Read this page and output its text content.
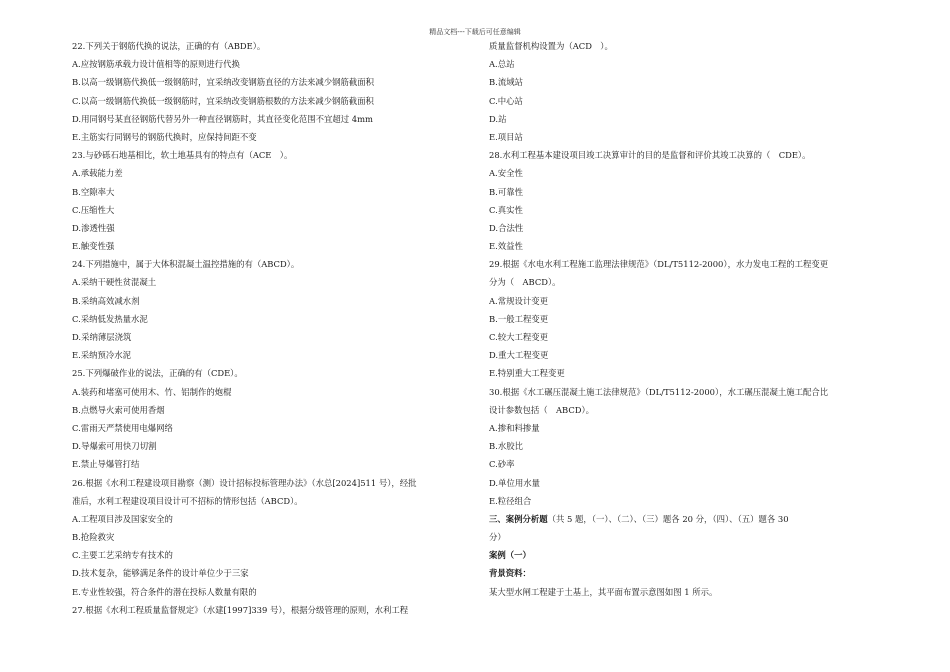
精品文档---下载后可任意编辑
22.下列关于钢筋代换的说法，正确的有（ABDE）。
A.应按钢筋承载力设计值相等的原则进行代换
B.以高一级钢筋代换低一级钢筋时，宜采纳改变钢筋直径的方法来减少钢筋截面积
C.以高一级钢筋代换低一级钢筋时，宜采纳改变钢筋根数的方法来减少钢筋截面积
D.用同钢号某直径钢筋代替另外一种直径钢筋时，其直径变化范围不宜超过 4mm
E.主筋实行同钢号的钢筋代换时，应保持间距不变
23.与砂砾石地基相比，软土地基具有的特点有（ACE　）。
A.承载能力差
B.空隙率大
C.压缩性大
D.渗透性强
E.触变性强
24.下列措施中，属于大体积混凝土温控措施的有（ABCD）。
A.采纳干硬性贫混凝土
B.采纳高效减水剂
C.采纳低发热量水泥
D.采纳薄层浇筑
E.采纳预冷水泥
25.下列爆破作业的说法，正确的有（CDE）。
A.装药和堵塞可使用木、竹、铝制作的炮棍
B.点燃导火索可使用香烟
C.雷雨天严禁使用电爆网络
D.导爆索可用快刀切割
E.禁止导爆管打结
26.根据《水利工程建设项目勘察（测）设计招标投标管理办法》（水总[2024]511 号），经批
准后，水利工程建设项目设计可不招标的情形包括（ABCD）。
A.工程项目涉及国家安全的
B.抢险救灾
C.主要工艺采纳专有技术的
D.技术复杂，能够满足条件的设计单位少于三家
E.专业性较强，符合条件的潜在投标人数量有限的
27.根据《水利工程质量监督规定》（水建[1997]339 号），根据分级管理的原则，水利工程
质量监督机构设置为（ACD　）。
A.总站
B.流域站
C.中心站
D.站
E.项目站
28.水利工程基本建设项目竣工决算审计的目的是监督和评价其竣工决算的（　CDE）。
A.安全性
B.可靠性
C.真实性
D.合法性
E.效益性
29.根据《水电水利工程施工监理法律规范》（DL/T5112-2000），水力发电工程的工程变更
分为（　ABCD）。
A.常规设计变更
B.一般工程变更
C.较大工程变更
D.重大工程变更
E.特别重大工程变更
30.根据《水工碾压混凝土施工法律规范》（DL/T5112-2000），水工碾压混凝土施工配合比
设计参数包括（　ABCD）。
A.掺和料掺量
B.水胶比
C.砂率
D.单位用水量
E.粒径组合
三、案例分析题（共 5 题，（一）、（二）、（三）题各 20 分，（四）、（五）题各 30
分）
案例（一）
背景资料：
某大型水闸工程建于土基上，其平面布置示意图如图 1 所示。
